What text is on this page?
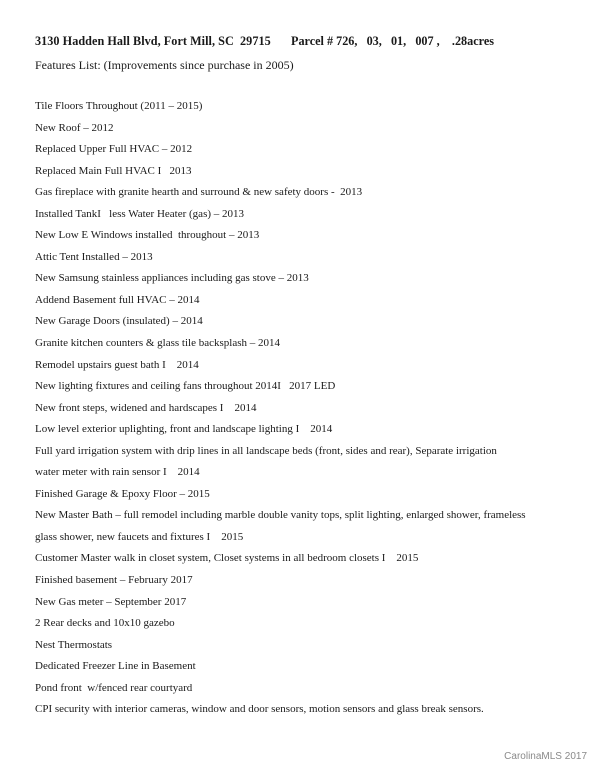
3130 Hadden Hall Blvd, Fort Mill, SC  29715 Parcel # 726,   03,   01,   007 ,    .28acres
Features List: (Improvements since purchase in 2005)
Tile Floors Throughout (2011 – 2015)
New Roof – 2012
Replaced Upper Full HVAC – 2012
Replaced Main Full HVAC I   2013
Gas fireplace with granite hearth and surround & new safety doors -  2013
Installed TankI   less Water Heater (gas) – 2013
New Low E Windows installed  throughout – 2013
Attic Tent Installed – 2013
New Samsung stainless appliances including gas stove – 2013
Addend Basement full HVAC – 2014
New Garage Doors (insulated) – 2014
Granite kitchen counters & glass tile backsplash – 2014
Remodel upstairs guest bath I    2014
New lighting fixtures and ceiling fans throughout 2014I   2017 LED
New front steps, widened and hardscapes I    2014
Low level exterior uplighting, front and landscape lighting I    2014
Full yard irrigation system with drip lines in all landscape beds (front, sides and rear), Separate irrigation
water meter with rain sensor I    2014
Finished Garage & Epoxy Floor – 2015
New Master Bath – full remodel including marble double vanity tops, split lighting, enlarged shower, frameless
glass shower, new faucets and fixtures I    2015
Customer Master walk in closet system, Closet systems in all bedroom closets I    2015
Finished basement – February 2017
New Gas meter – September 2017
2 Rear decks and 10x10 gazebo
Nest Thermostats
Dedicated Freezer Line in Basement
Pond front  w/fenced rear courtyard
CPI security with interior cameras, window and door sensors, motion sensors and glass break sensors.
CarolinaMLS 2017
